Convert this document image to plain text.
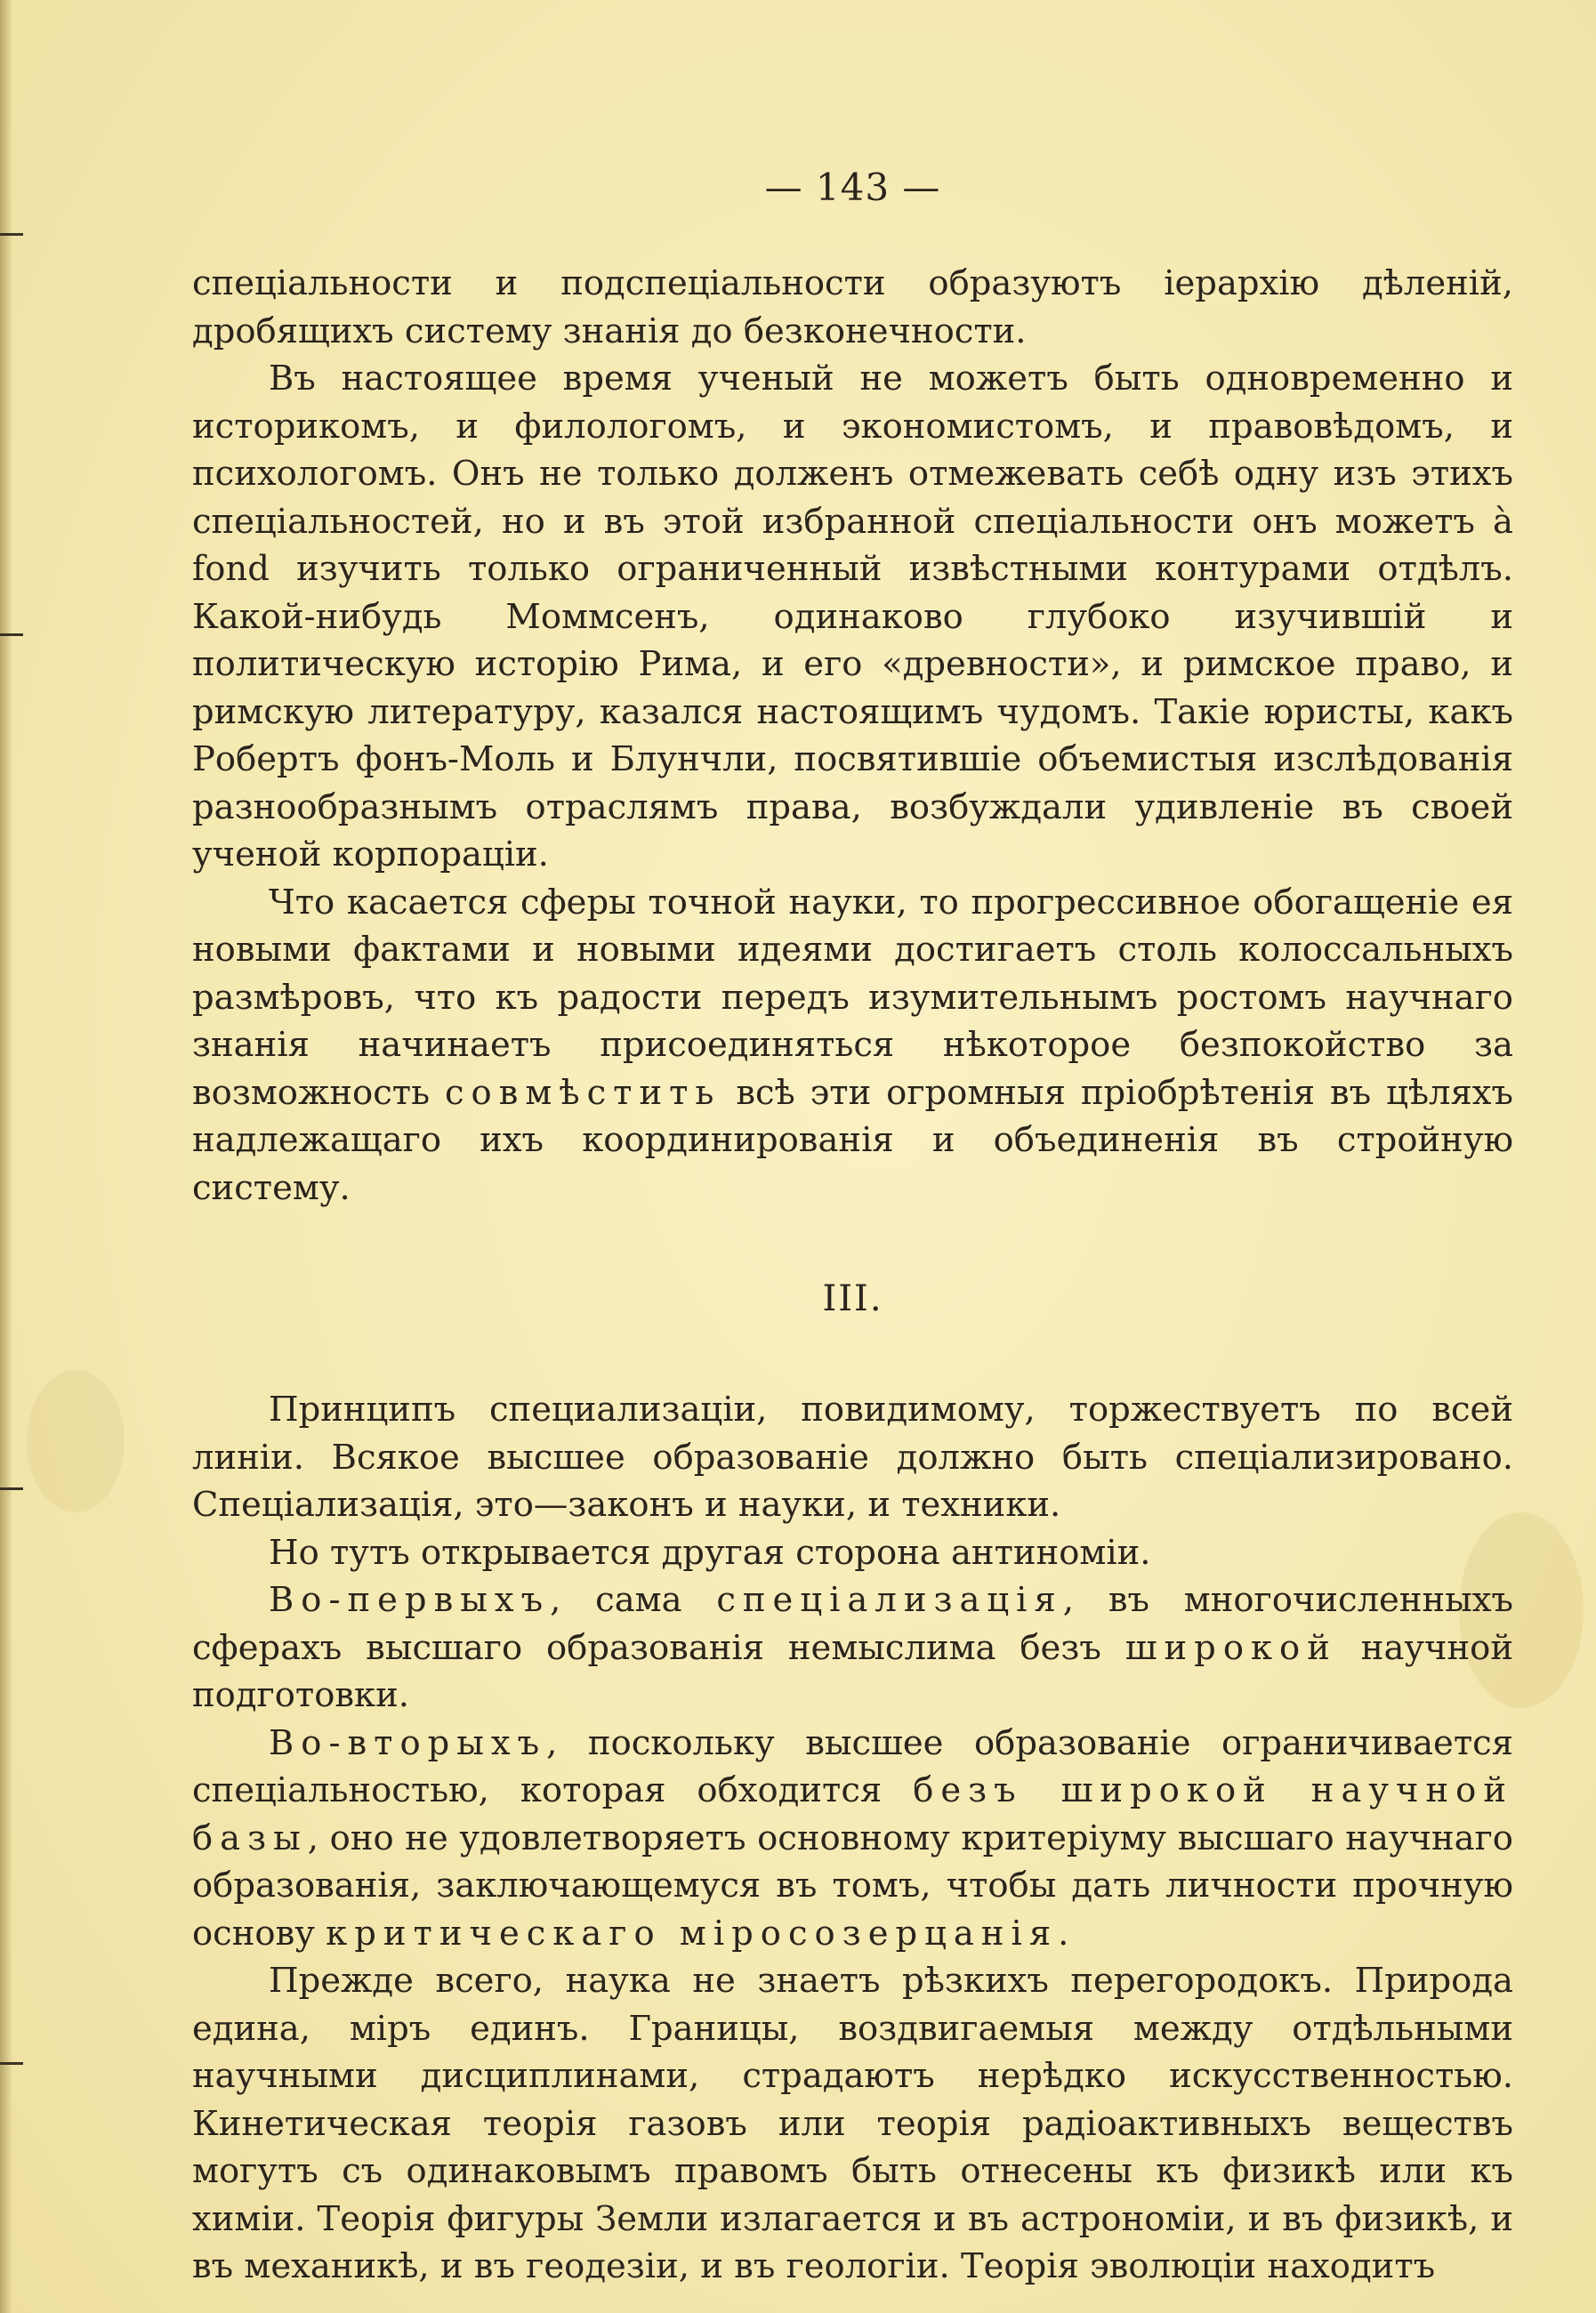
— 143 —

спеціальности и подспеціальности образуютъ іерархію дѣленій, дробящихъ систему знанія до безконечности.

Въ настоящее время ученый не можетъ быть одновременно и историкомъ, и филологомъ, и экономистомъ, и правовѣдомъ, и психологомъ. Онъ не только долженъ отмежевать себѣ одну изъ этихъ спеціальностей, но и въ этой избранной спеціальности онъ можетъ à fond изучить только ограниченный извѣстными контурами отдѣлъ. Какой-нибудь Моммсенъ, одинаково глубоко изучившій и политическую исторію Рима, и его «древности», и римское право, и римскую литературу, казался настоящимъ чудомъ. Такіе юристы, какъ Робертъ фонъ-Моль и Блунчли, посвятившіе объемистыя изслѣдованія разнообразнымъ отраслямъ права, возбуждали удивленіе въ своей ученой корпораціи.

Что касается сферы точной науки, то прогрессивное обогащеніе ея новыми фактами и новыми идеями достигаетъ столь колоссальныхъ размѣровъ, что къ радости передъ изумительнымъ ростомъ научнаго знанія начинаетъ присоединяться нѣкоторое безпокойство за возможность совмѣстить всѣ эти огромныя пріобрѣтенія въ цѣляхъ надлежащаго ихъ координированія и объединенія въ стройную систему.

III.

Принципъ специализаціи, повидимому, торжествуетъ по всей линіи. Всякое высшее образованіе должно быть спеціализировано. Спеціализація, это—законъ и науки, и техники.

Но тутъ открывается другая сторона антиноміи.

Во-первыхъ, сама спеціализація, въ многочисленныхъ сферахъ высшаго образованія немыслима безъ широкой научной подготовки.

Во-вторыхъ, поскольку высшее образованіе ограничивается спеціальностью, которая обходится безъ широкой научной базы, оно не удовлетворяетъ основному критеріуму высшаго научнаго образованія, заключающемуся въ томъ, чтобы дать личности прочную основу критическаго міросозерцанія.

Прежде всего, наука не знаетъ рѣзкихъ перегородокъ. Природа едина, міръ единъ. Границы, воздвигаемыя между отдѣльными научными дисциплинами, страдаютъ нерѣдко искусственностью. Кинетическая теорія газовъ или теорія радіоактивныхъ веществъ могутъ съ одинаковымъ правомъ быть отнесены къ физикѣ или къ химіи. Теорія фигуры Земли излагается и въ астрономіи, и въ физикѣ, и въ механикѣ, и въ геодезіи, и въ геологіи. Теорія эволюціи находитъ
